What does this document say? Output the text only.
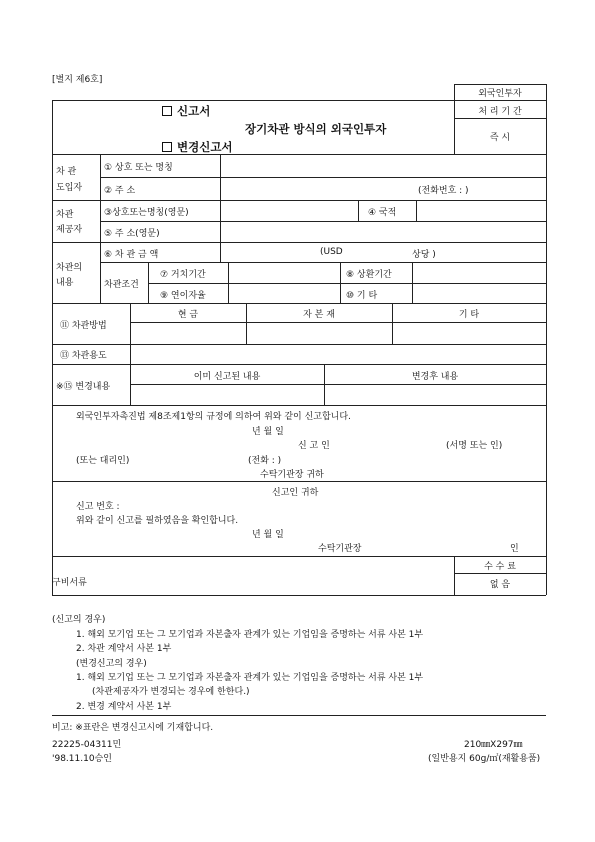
[별지 제6호]
외국인투자
처 리 기 간
즉 시
신고서
장기차관 방식의 외국인투자
변경신고서
차 관
도입자
① 상호 또는 명칭
② 주 소	(전화번호 : )
차관
제공자
③상호또는명칭(영문)	④ 국적
⑤ 주 소(영문)
차관의
내용
⑥ 차 관 금 액	(USD	상당 )
차관조건
⑦ 거치기간	⑧ 상환기간
⑨ 연이자율	⑩ 기 타
⑪ 차관방법
현 금	자 본 재	기 타
⑬ 차관용도
※⑮ 변경내용
이미 신고된 내용	변경후 내용
외국인투자촉진법 제8조제1항의 규정에 의하여 위와 같이 신고합니다.
년 월 일
신 고 인	(서명 또는 인)
(또는 대리인)	(전화 : )
수탁기관장 귀하
신고인 귀하
신고 번호 :
위와 같이 신고를 필하였음을 확인합니다.
년 월 일
수탁기관장	인
구비서류
수 수 료
없 음
(신고의 경우)
1. 해외 모기업 또는 그 모기업과 자본출자 관계가 있는 기업임을 증명하는 서류 사본 1부
2. 차관 계약서 사본 1부
(변경신고의 경우)
1. 해외 모기업 또는 그 모기업과 자본출자 관계가 있는 기업임을 증명하는 서류 사본 1부
(차관제공자가 변경되는 경우에 한한다.)
2. 변경 계약서 사본 1부
비고: ※표란은 변경신고시에 기재합니다.
22225-04311민
'98.11.10승인
210㎜X297㎜
(일반용지 60g/㎡(재활용품)
